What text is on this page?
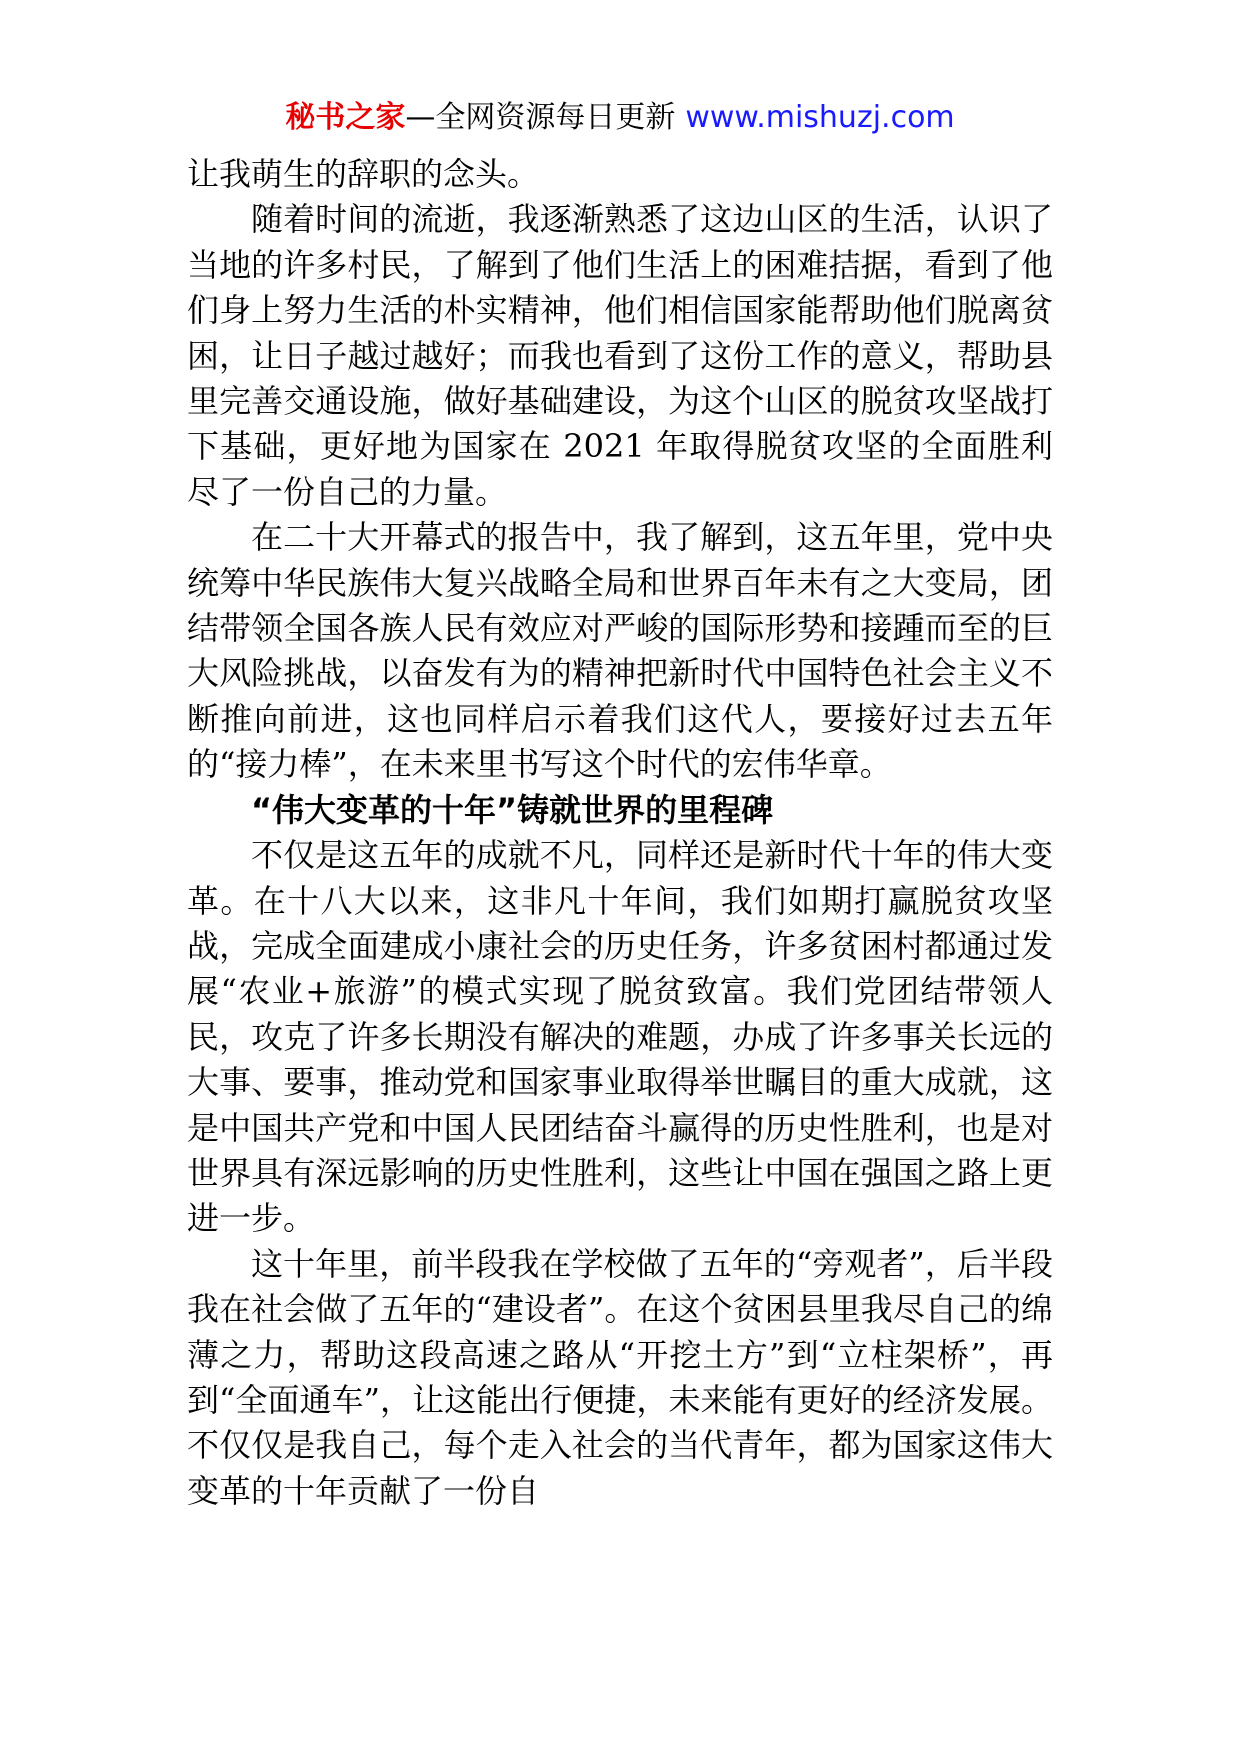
秘书之家—全网资源每日更新 www.mishuzj.com

让我萌生的辞职的念头。

随着时间的流逝，我逐渐熟悉了这边山区的生活，认识了当地的许多村民，了解到了他们生活上的困难拮据，看到了他们身上努力生活的朴实精神，他们相信国家能帮助他们脱离贫困，让日子越过越好；而我也看到了这份工作的意义，帮助县里完善交通设施，做好基础建设，为这个山区的脱贫攻坚战打下基础，更好地为国家在 2021 年取得脱贫攻坚的全面胜利尽了一份自己的力量。

在二十大开幕式的报告中，我了解到，这五年里，党中央统筹中华民族伟大复兴战略全局和世界百年未有之大变局，团结带领全国各族人民有效应对严峻的国际形势和接踵而至的巨大风险挑战，以奋发有为的精神把新时代中国特色社会主义不断推向前进，这也同样启示着我们这代人，要接好过去五年的“接力棒”，在未来里书写这个时代的宏伟华章。

“伟大变革的十年”铸就世界的里程碑

不仅是这五年的成就不凡，同样还是新时代十年的伟大变革。在十八大以来，这非凡十年间，我们如期打赢脱贫攻坚战，完成全面建成小康社会的历史任务，许多贫困村都通过发展“农业+旅游”的模式实现了脱贫致富。我们党团结带领人民，攻克了许多长期没有解决的难题，办成了许多事关长远的大事、要事，推动党和国家事业取得举世瞩目的重大成就，这是中国共产党和中国人民团结奋斗赢得的历史性胜利，也是对世界具有深远影响的历史性胜利，这些让中国在强国之路上更进一步。

这十年里，前半段我在学校做了五年的“旁观者”，后半段我在社会做了五年的“建设者”。在这个贫困县里我尽自己的绵薄之力，帮助这段高速之路从“开挖土方”到“立柱架桥”，再到“全面通车”，让这能出行便捷，未来能有更好的经济发展。不仅仅是我自己，每个走入社会的当代青年，都为国家这伟大变革的十年贡献了一份自
